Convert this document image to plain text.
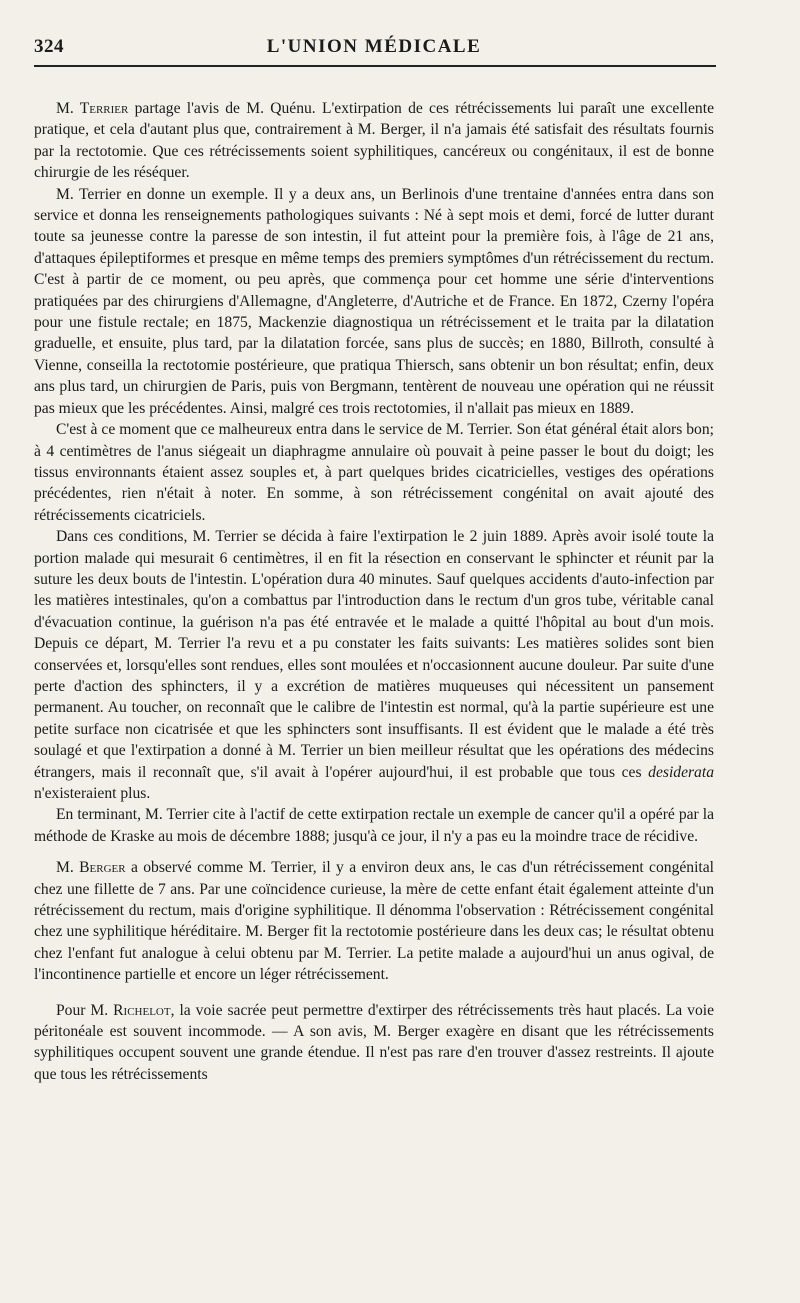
324	L'UNION MÉDICALE

M. Terrier partage l'avis de M. Quénu. L'extirpation de ces rétrécissements lui paraît une excellente pratique, et cela d'autant plus que, contrairement à M. Berger, il n'a jamais été satisfait des résultats fournis par la rectotomie. Que ces rétrécissements soient syphilitiques, cancéreux ou congénitaux, il est de bonne chirurgie de les réséquer.

M. Terrier en donne un exemple. Il y a deux ans, un Berlinois d'une trentaine d'années entra dans son service et donna les renseignements pathologiques suivants : Né à sept mois et demi, forcé de lutter durant toute sa jeunesse contre la paresse de son intestin, il fut atteint pour la première fois, à l'âge de 21 ans, d'attaques épileptiformes et presque en même temps des premiers symptômes d'un rétrécissement du rectum. C'est à partir de ce moment, ou peu après, que commença pour cet homme une série d'interventions pratiquées par des chirurgiens d'Allemagne, d'Angleterre, d'Autriche et de France. En 1872, Czerny l'opéra pour une fistule rectale; en 1875, Mackenzie diagnostiqua un rétrécissement et le traita par la dilatation graduelle, et ensuite, plus tard, par la dilatation forcée, sans plus de succès; en 1880, Billroth, consulté à Vienne, conseilla la rectotomie postérieure, que pratiqua Thiersch, sans obtenir un bon résultat; enfin, deux ans plus tard, un chirurgien de Paris, puis von Bergmann, tentèrent de nouveau une opération qui ne réussit pas mieux que les précédentes. Ainsi, malgré ces trois rectotomies, il n'allait pas mieux en 1889.

C'est à ce moment que ce malheureux entra dans le service de M. Terrier. Son état général était alors bon; à 4 centimètres de l'anus siégeait un diaphragme annulaire où pouvait à peine passer le bout du doigt; les tissus environnants étaient assez souples et, à part quelques brides cicatricielles, vestiges des opérations précédentes, rien n'était à noter. En somme, à son rétrécissement congénital on avait ajouté des rétrécissements cicatriciels.

Dans ces conditions, M. Terrier se décida à faire l'extirpation le 2 juin 1889. Après avoir isolé toute la portion malade qui mesurait 6 centimètres, il en fit la résection en conservant le sphincter et réunit par la suture les deux bouts de l'intestin. L'opération dura 40 minutes. Sauf quelques accidents d'auto-infection par les matières intestinales, qu'on a combattus par l'introduction dans le rectum d'un gros tube, véritable canal d'évacuation continue, la guérison n'a pas été entravée et le malade a quitté l'hôpital au bout d'un mois. Depuis ce départ, M. Terrier l'a revu et a pu constater les faits suivants: Les matières solides sont bien conservées et, lorsqu'elles sont rendues, elles sont moulées et n'occasionnent aucune douleur. Par suite d'une perte d'action des sphincters, il y a excrétion de matières muqueuses qui nécessitent un pansement permanent. Au toucher, on reconnaît que le calibre de l'intestin est normal, qu'à la partie supérieure est une petite surface non cicatrisée et que les sphincters sont insuffisants. Il est évident que le malade a été très soulagé et que l'extirpation a donné à M. Terrier un bien meilleur résultat que les opérations des médecins étrangers, mais il reconnaît que, s'il avait à l'opérer aujourd'hui, il est probable que tous ces desiderata n'existeraient plus.

En terminant, M. Terrier cite à l'actif de cette extirpation rectale un exemple de cancer qu'il a opéré par la méthode de Kraske au mois de décembre 1888; jusqu'à ce jour, il n'y a pas eu la moindre trace de récidive.

M. Berger a observé comme M. Terrier, il y a environ deux ans, le cas d'un rétrécissement congénital chez une fillette de 7 ans. Par une coïncidence curieuse, la mère de cette enfant était également atteinte d'un rétrécissement du rectum, mais d'origine syphilitique. Il dénomma l'observation : Rétrécissement congénital chez une syphilitique héréditaire. M. Berger fit la rectotomie postérieure dans les deux cas; le résultat obtenu chez l'enfant fut analogue à celui obtenu par M. Terrier. La petite malade a aujourd'hui un anus ogival, de l'incontinence partielle et encore un léger rétrécissement.

Pour M. Richelot, la voie sacrée peut permettre d'extirper des rétrécissements très haut placés. La voie péritonéale est souvent incommode. — A son avis, M. Berger exagère en disant que les rétrécissements syphilitiques occupent souvent une grande étendue. Il n'est pas rare d'en trouver d'assez restreints. Il ajoute que tous les rétrécissements
